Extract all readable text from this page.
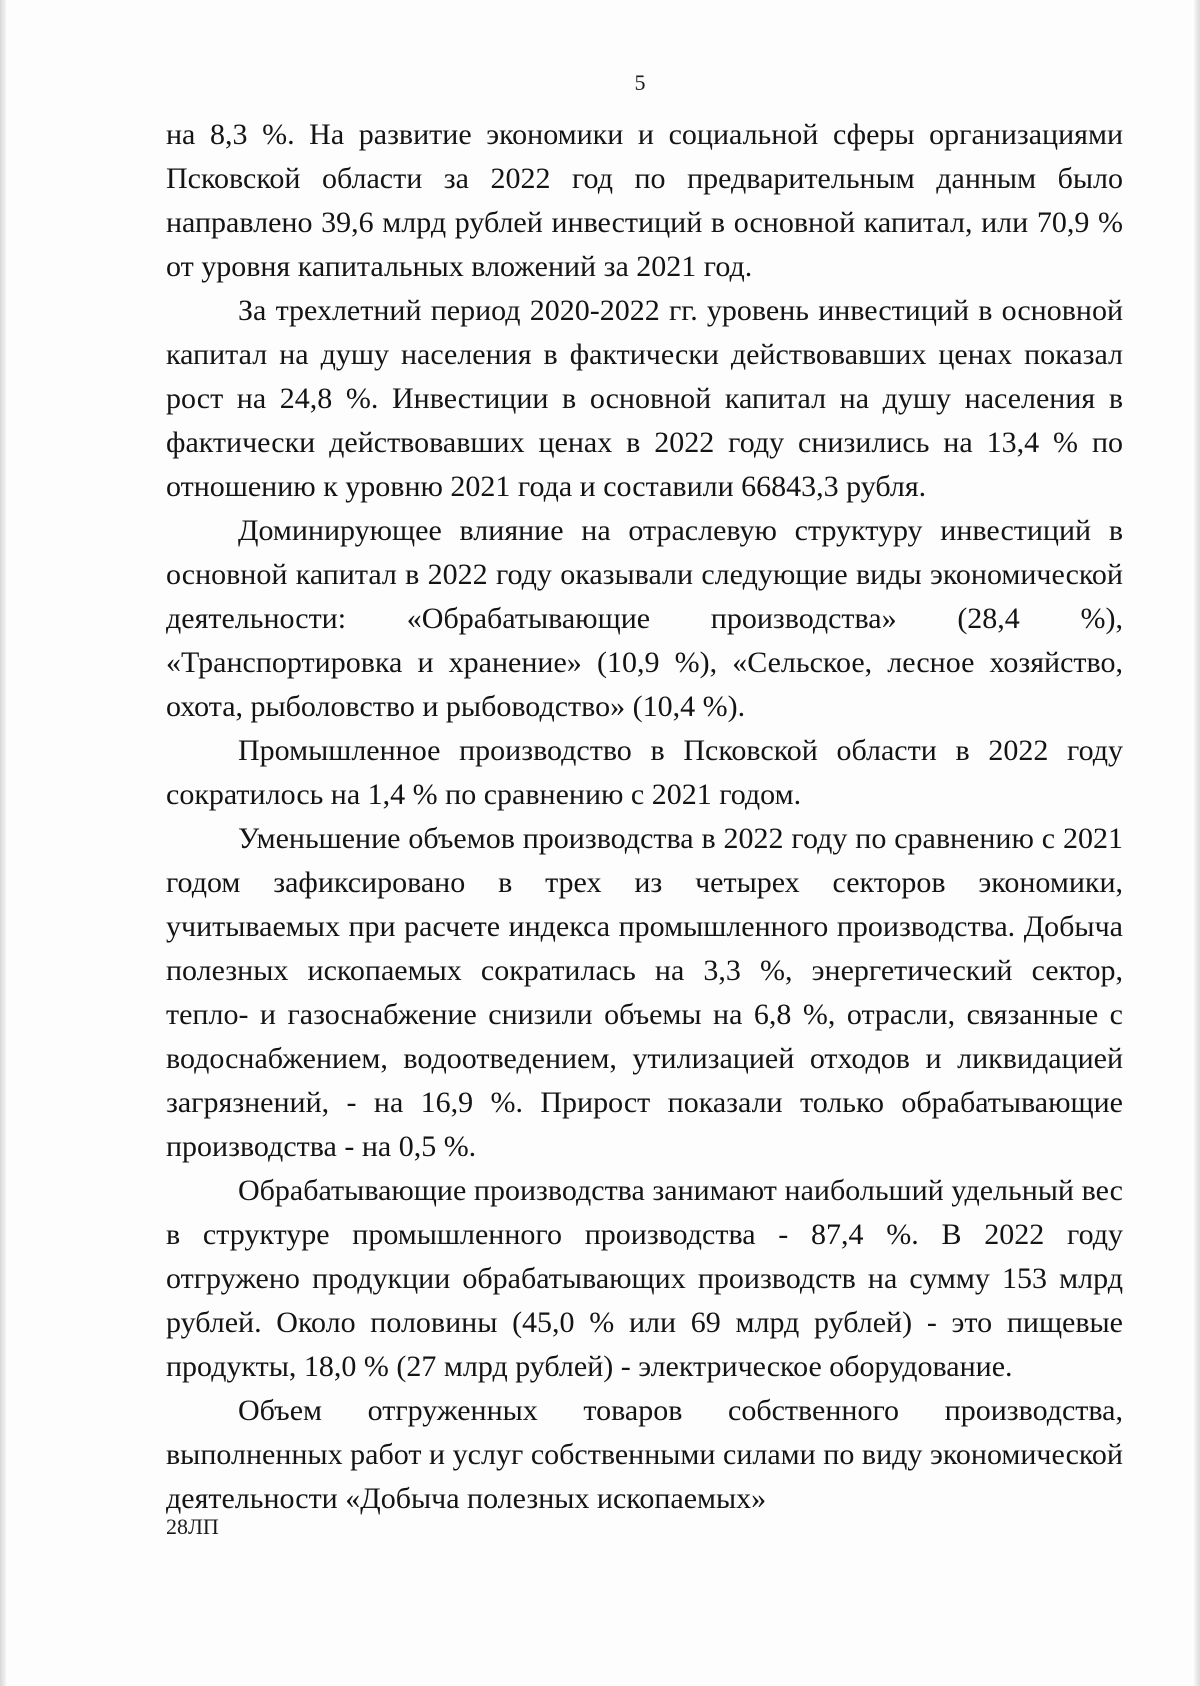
5

на 8,3 %. На развитие экономики и социальной сферы организациями Псковской области за 2022 год по предварительным данным было направлено 39,6 млрд рублей инвестиций в основной капитал, или 70,9 % от уровня капитальных вложений за 2021 год.

За трехлетний период 2020-2022 гг. уровень инвестиций в основной капитал на душу населения в фактически действовавших ценах показал рост на 24,8 %. Инвестиции в основной капитал на душу населения в фактически действовавших ценах в 2022 году снизились на 13,4 % по отношению к уровню 2021 года и составили 66843,3 рубля.

Доминирующее влияние на отраслевую структуру инвестиций в основной капитал в 2022 году оказывали следующие виды экономической деятельности: «Обрабатывающие производства» (28,4 %), «Транспортировка и хранение» (10,9 %), «Сельское, лесное хозяйство, охота, рыболовство и рыбоводство» (10,4 %).

Промышленное производство в Псковской области в 2022 году сократилось на 1,4 % по сравнению с 2021 годом.

Уменьшение объемов производства в 2022 году по сравнению с 2021 годом зафиксировано в трех из четырех секторов экономики, учитываемых при расчете индекса промышленного производства. Добыча полезных ископаемых сократилась на 3,3 %, энергетический сектор, тепло- и газоснабжение снизили объемы на 6,8 %, отрасли, связанные с водоснабжением, водоотведением, утилизацией отходов и ликвидацией загрязнений, - на 16,9 %. Прирост показали только обрабатывающие производства - на 0,5 %.

Обрабатывающие производства занимают наибольший удельный вес в структуре промышленного производства - 87,4 %. В 2022 году отгружено продукции обрабатывающих производств на сумму 153 млрд рублей. Около половины (45,0 % или 69 млрд рублей) - это пищевые продукты, 18,0 % (27 млрд рублей) - электрическое оборудование.

Объем отгруженных товаров собственного производства, выполненных работ и услуг собственными силами по виду экономической деятельности «Добыча полезных ископаемых»

28ЛП
